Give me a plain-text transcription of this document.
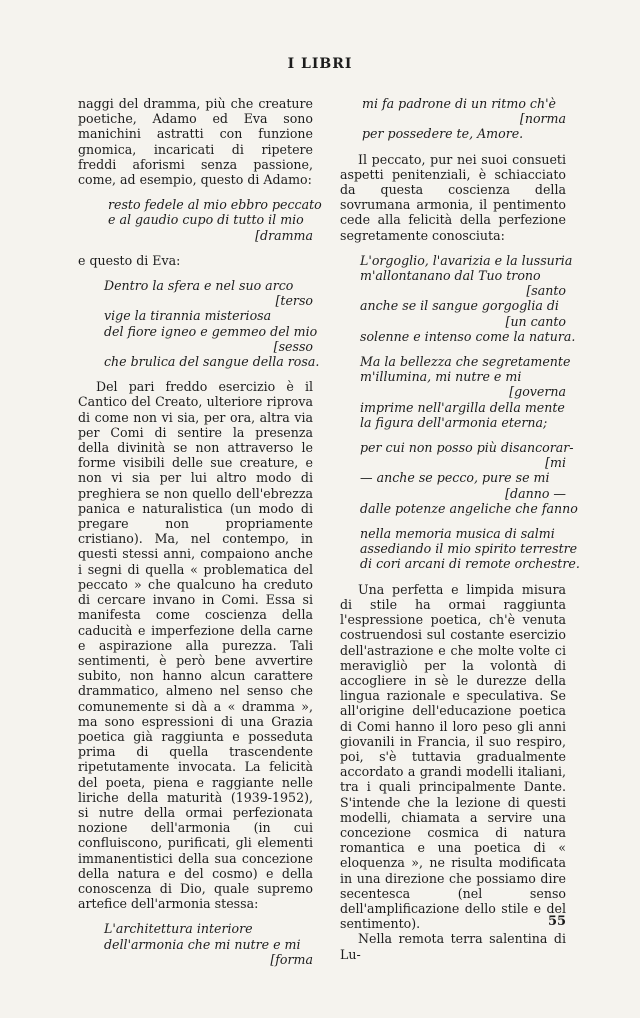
I LIBRI

naggi del dramma, più che creature poetiche, Adamo ed Eva sono manichini astratti con funzione gnomica, incaricati di ripetere freddi aforismi senza passione, come, ad esempio, questo di Adamo:

resto fedele al mio ebbro peccato
e al gaudio cupo di tutto il mio
[dramma

e questo di Eva:

Dentro la sfera e nel suo arco
[terso
vige la tirannia misteriosa
del fiore igneo e gemmeo del mio
[sesso
che brulica del sangue della rosa.

Del pari freddo esercizio è il Cantico del Creato, ulteriore riprova di come non vi sia, per ora, altra via per Comi di sentire la presenza della divinità se non attraverso le forme visibili delle sue creature, e non vi sia per lui altro modo di preghiera se non quello dell'ebrezza panica e naturalistica (un modo di pregare non propriamente cristiano). Ma, nel contempo, in questi stessi anni, compaiono anche i segni di quella « problematica del peccato » che qualcuno ha creduto di cercare invano in Comi. Essa si manifesta come coscienza della caducità e imperfezione della carne e aspirazione alla purezza. Tali sentimenti, è però bene avvertire subito, non hanno alcun carattere drammatico, almeno nel senso che comunemente si dà a « dramma », ma sono espressioni di una Grazia poetica già raggiunta e posseduta prima di quella trascendente ripetutamente invocata. La felicità del poeta, piena e raggiante nelle liriche della maturità (1939-1952), si nutre della ormai perfezionata nozione dell'armonia (in cui confluiscono, purificati, gli elementi immanentistici della sua concezione della natura e del cosmo) e della conoscenza di Dio, quale supremo artefice dell'armonia stessa:

L'architettura interiore
dell'armonia che mi nutre e mi
[forma
mi fa padrone di un ritmo ch'è
[norma
per possedere te, Amore.

Il peccato, pur nei suoi consueti aspetti penitenziali, è schiacciato da questa coscienza della sovrumana armonia, il pentimento cede alla felicità della perfezione segretamente conosciuta:

L'orgoglio, l'avarizia e la lussuria
m'allontanano dal Tuo trono
[santo
anche se il sangue gorgoglia di
[un canto
solenne e intenso come la natura.
Ma la bellezza che segretamente
m'illumina, mi nutre e mi
[governa
imprime nell'argilla della mente
la figura dell'armonia eterna;
per cui non posso più disancorar-
[mi
— anche se pecco, pure se mi
[danno —
dalle potenze angeliche che fanno
nella memoria musica di salmi
assediando il mio spirito terrestre
di cori arcani di remote orchestre.

Una perfetta e limpida misura di stile ha ormai raggiunta l'espressione poetica, ch'è venuta costruendosi sul costante esercizio dell'astrazione e che molte volte ci meravigliò per la volontà di accogliere in sè le durezze della lingua razionale e speculativa. Se all'origine dell'educazione poetica di Comi hanno il loro peso gli anni giovanili in Francia, il suo respiro, poi, s'è tuttavia gradualmente accordato a grandi modelli italiani, tra i quali principalmente Dante. S'intende che la lezione di questi modelli, chiamata a servire una concezione cosmica di natura romantica e una poetica di « eloquenza », ne risulta modificata in una direzione che possiamo dire secentesca (nel senso dell'amplificazione dello stile e del sentimento).

Nella remota terra salentina di Lu-

55
